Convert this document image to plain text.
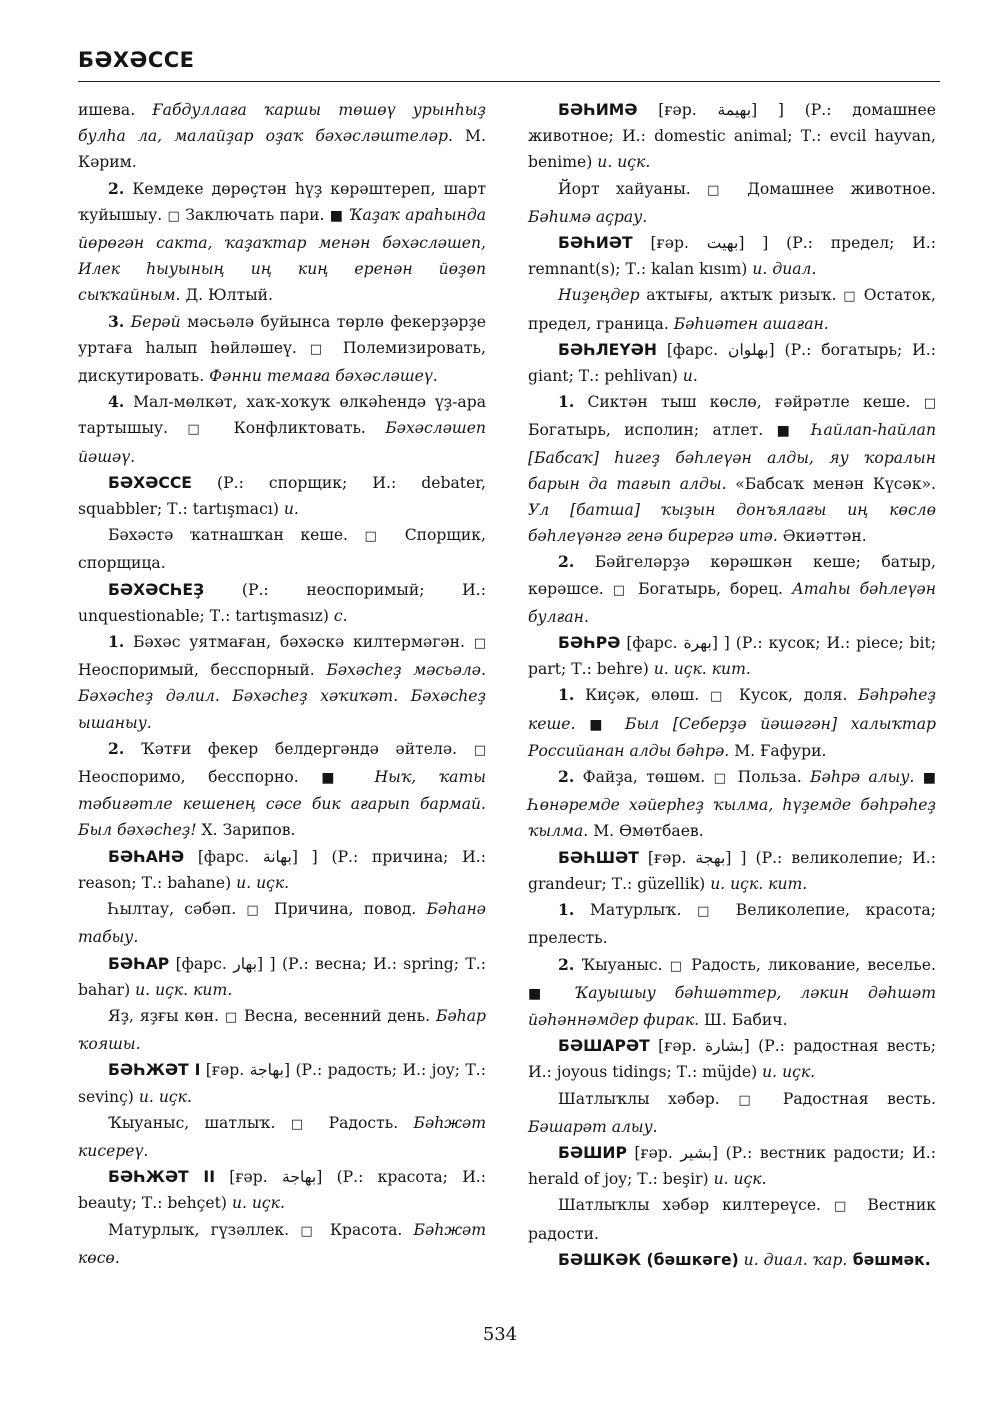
БӘХӘССЕ

ишева. Ғабдуллаға ҡаршы төшөү урынһыҙ булһа ла, малайҙар оҙаҡ бәхәсләштеләр. М. Кәрим.

2. Кемдеке дөрөҫтән һүҙ көрәштереп, шарт ҡуйышыу. □ Заключать пари. ■ Ҡаҙаҡ араһында йөрөгән сакта, ҡаҙаҡтар менән бәхәсләшеп, Илек һыуының иң киң еренән йөҙөп сыҡҡайным. Д. Юлтый.

3. Берәй мәсьәлә буйынса төрлө фекерҙәрҙе уртаға һалып һөйләшеү. □ Полемизировать, дискутировать. Фәнни темаға бәхәсләшеү.

4. Мал-мөлкәт, хаҡ-хоҡуҡ өлкәһендә үҙ-ара тартышыу. □ Конфликтовать. Бәхәсләшеп йәшәү.

БӘХӘССЕ (Р.: спорщик; И.: debater, squabbler; Т.: tartışmacı) и.

Бәхәстә ҡатнашҡан кеше. □ Спорщик, спорщица.

БӘХӘСҺЕҘ (Р.: неоспоримый; И.: unquestionable; Т.: tartışmasız) с.

1. Бәхәс уятмаған, бәхәскә килтермәгән. □ Неоспоримый, бесспорный. Бәхәсһеҙ мәсьәлә. Бәхәсһеҙ дәлил. Бәхәсһеҙ хәҡиҡәт. Бәхәсһеҙ ышаныу.

2. Ҡәтғи фекер белдергәндә әйтелә. □ Неоспоримо, бесспорно. ■ Ныҡ, ҡаты тәбиғәтле кешенең сәсе бик ағарып бармай. Был бәхәсһеҙ! Х. Зарипов.

БӘҺАНӘ [фарс. بهانة] ] (Р.: причина; И.: reason; Т.: bahane) и. иҫк.

Һылтау, сәбәп. □ Причина, повод. Бәһанә табыу.

БӘҺАР [фарс. بهار] ] (Р.: весна; И.: spring; Т.: bahar) и. иҫк. кит.

Яҙ, яҙғы көн. □ Весна, весенний день. Бәһар ҡояшы.

БӘҺЖӘТ I [ғәр. بهاجة] (Р.: радость; И.: joy; Т.: sevinç) и. иҫк.

Ҡыуаныс, шатлыҡ. □ Радость. Бәһжәт кисереү.

БӘҺЖӘТ II [ғәр. بهاجة] (Р.: красота; И.: beauty; Т.: behçet) и. иҫк.

Матурлыҡ, гүзәллек. □ Красота. Бәһжәт көсө.

БӘҺИМӘ [ғәр. بهيمة] ] (Р.: домашнее животное; И.: domestic animal; Т.: evcil hayvan, benime) и. иҫк.

Йорт хайуаны. □ Домашнее животное. Бәһимә аҫрау.

БӘҺИӘТ [ғәр. بهيت] ] (Р.: предел; И.: remnant(s); Т.: kalan kısım) и. диал.

Ниҙеңдер аҡтығы, аҡтыҡ ризыҡ. □ Остаток, предел, граница. Бәһиәтен ашаған.

БӘҺЛЕҮӘН [фарс. بهلوان] (Р.: богатырь; И.: giant; Т.: pehlivan) и.

1. Сиктән тыш көслө, ғәйрәтле кеше. □ Богатырь, исполин; атлет. ■ Һайлап-һайлап [Бабсаҡ] һигеҙ бәһлеүән алды, яу ҡоралын барын да тағып алды. «Бабсаҡ менән Күсәк». Ул [батша] ҡыҙын донъялағы иң көслө бәһлеүәнгә генә бирергә итә. Әкиәттән.

2. Бәйгеләрҙә көрәшкән кеше; батыр, көрәшсе. □ Богатырь, борец. Атаһы бәһлеүән булған.

БӘҺРӘ [фарс. بهرة] ] (Р.: кусок; И.: piece; bit; part; Т.: behre) и. иҫк. кит.

1. Киҫәк, өлөш. □ Кусок, доля. Бәһрәһеҙ кеше. ■ Был [Себерҙә йәшәгән] халыҡтар Российанан алды бәһрә. М. Ғафури.

2. Файҙа, төшөм. □ Польза. Бәһрә алыу. ■ Һөнәремде хәйерһеҙ ҡылма, һүҙемде бәһрәһеҙ ҡылма. М. Өмөтбаев.

БӘҺШӘТ [ғәр. بهجة] ] (Р.: великолепие; И.: grandeur; Т.: güzellik) и. иҫк. кит.

1. Матурлыҡ. □ Великолепие, красота; прелесть.

2. Ҡыуаныс. □ Радость, ликование, веселье. ■ Ҡауышыу бәһшәттер, ләкин дәһшәт йәһәннәмдер фирак. Ш. Бабич.

БӘШАРӘТ [ғәр. بشارة] (Р.: радостная весть; И.: joyous tidings; Т.: müjde) и. иҫк.

Шатлыҡлы хәбәр. □ Радостная весть. Бәшарәт алыу.

БӘШИР [ғәр. بشير] (Р.: вестник радости; И.: herald of joy; Т.: beşir) и. иҫк.

Шатлыҡлы хәбәр килтереүсе. □ Вестник радости.

БӘШКӘК (бәшкәге) и. диал. ҡар. бәшмәк.

534
